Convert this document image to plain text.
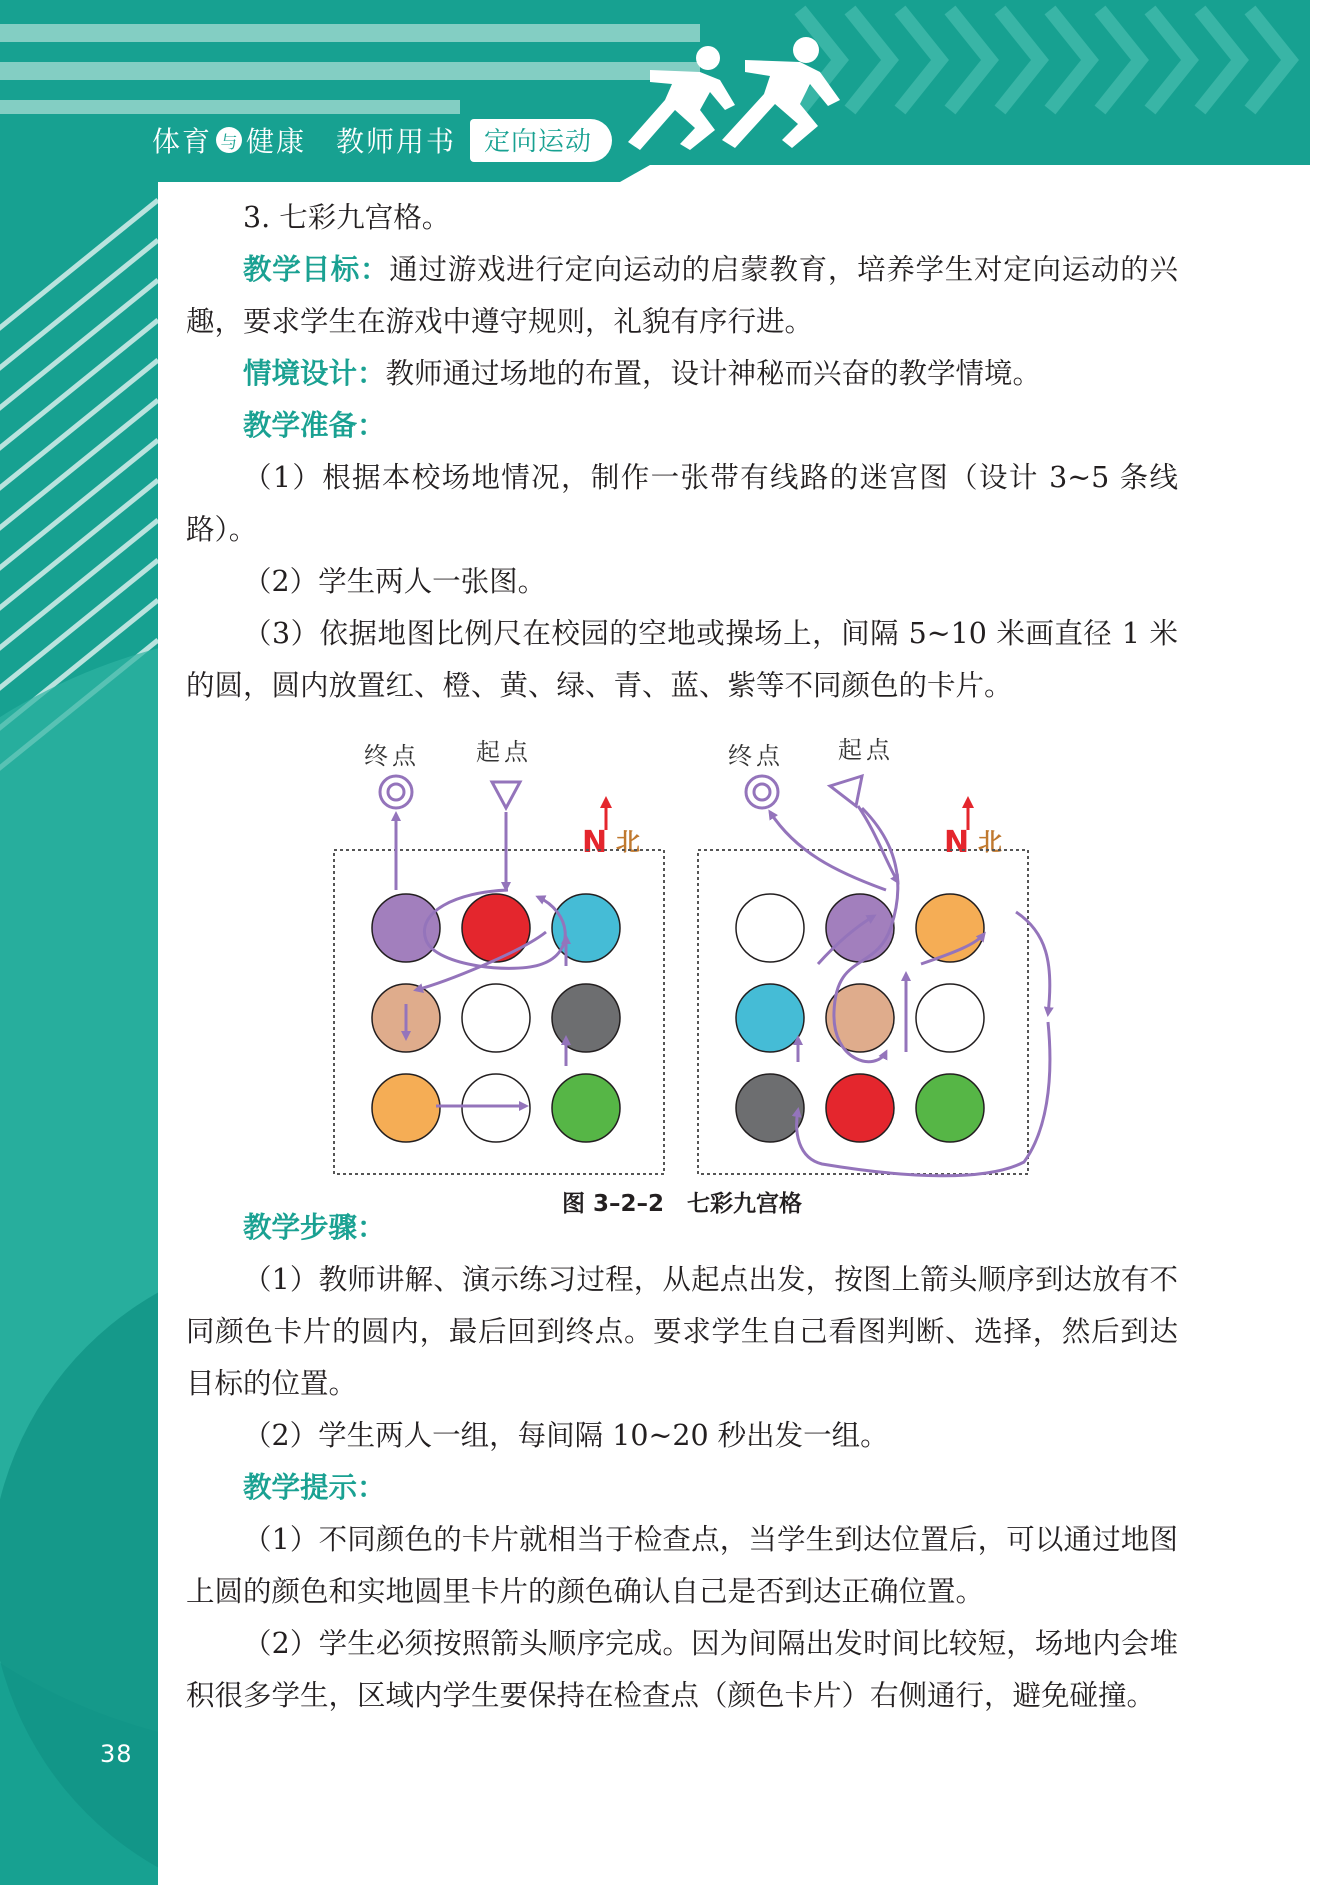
38
体育 与 健康 教师用书	定向运动

3. 七彩九宫格。

教学目标：通过游戏进行定向运动的启蒙教育，培养学生对定向运动的兴趣，要求学生在游戏中遵守规则，礼貌有序行进。

情境设计：教师通过场地的布置，设计神秘而兴奋的教学情境。

教学准备：

（1）根据本校场地情况，制作一张带有线路的迷宫图（设计 3~5 条线路）。

（2）学生两人一张图。

（3）依据地图比例尺在校园的空地或操场上，间隔 5~10 米画直径 1 米的圆，圆内放置红、橙、黄、绿、青、蓝、紫等不同颜色的卡片。

终点 起点
N 北
终点 起点
N 北
图 3–2–2　七彩九宫格

教学步骤：

（1）教师讲解、演示练习过程，从起点出发，按图上箭头顺序到达放有不同颜色卡片的圆内，最后回到终点。要求学生自己看图判断、选择，然后到达目标的位置。

（2）学生两人一组，每间隔 10~20 秒出发一组。

教学提示：

（1）不同颜色的卡片就相当于检查点，当学生到达位置后，可以通过地图上圆的颜色和实地圆里卡片的颜色确认自己是否到达正确位置。

（2）学生必须按照箭头顺序完成。因为间隔出发时间比较短，场地内会堆积很多学生，区域内学生要保持在检查点（颜色卡片）右侧通行，避免碰撞。
